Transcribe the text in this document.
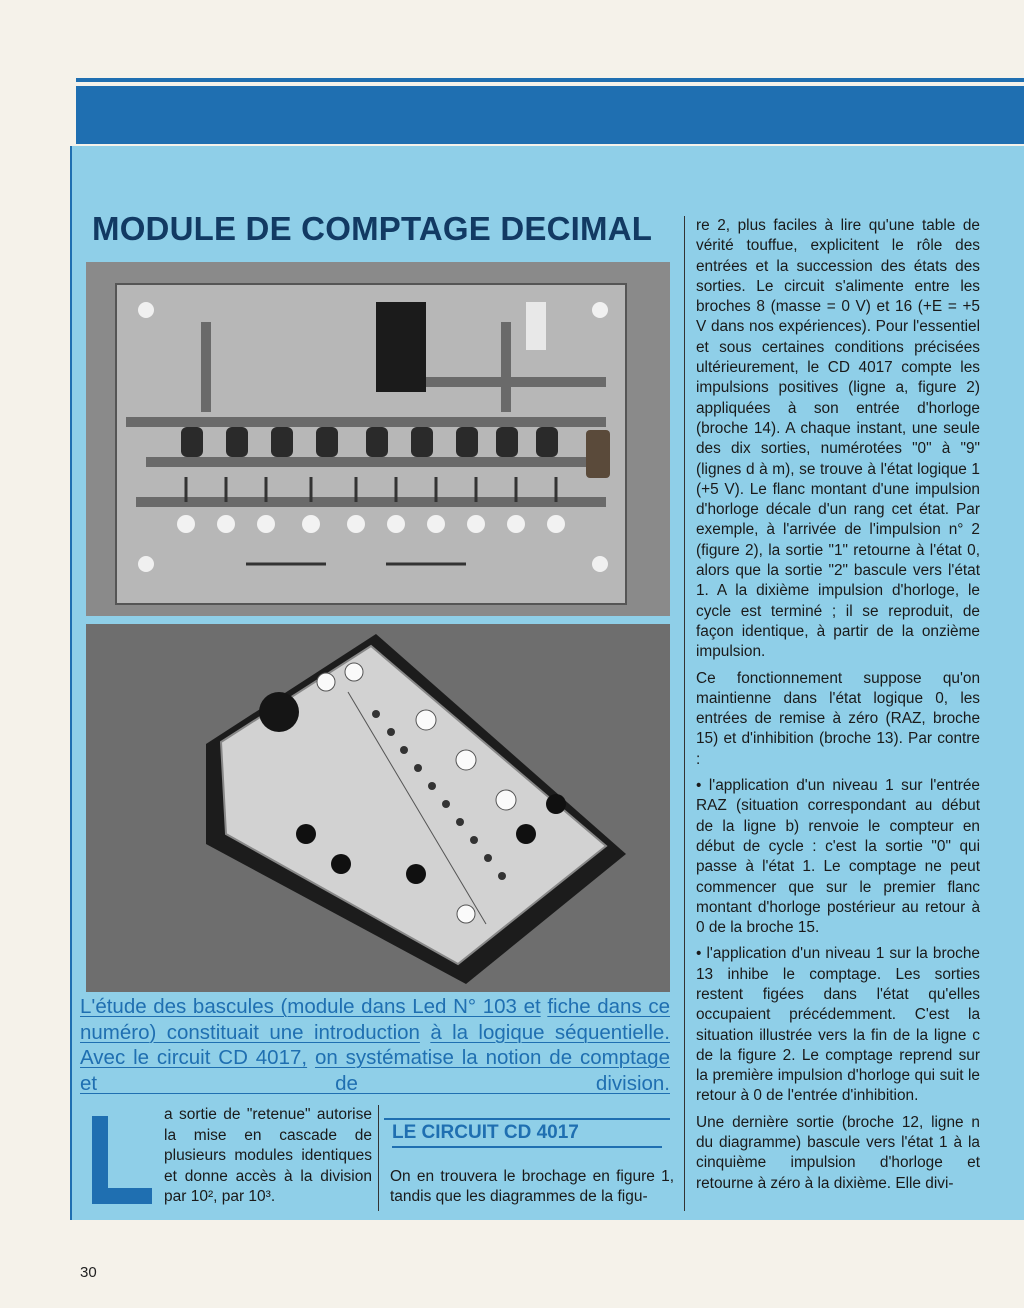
MODULE DE COMPTAGE DECIMAL
L'étude des bascules (module dans Led N° 103 et fiche dans ce numéro) constituait une introduction à la logique séquentielle. Avec le circuit CD 4017, on systématise la notion de comptage et de division.
a sortie de "retenue" autorise la mise en cascade de plusieurs modules identiques et donne accès à la division par 10², par 10³.
LE CIRCUIT CD 4017
On en trouvera le brochage en figure 1, tandis que les diagrammes de la figu-

re 2, plus faciles à lire qu'une table de vérité touffue, explicitent le rôle des entrées et la succession des états des sorties. Le circuit s'alimente entre les broches 8 (masse = 0 V) et 16 (+E = +5 V dans nos expériences). Pour l'essentiel et sous certaines conditions précisées ultérieurement, le CD 4017 compte les impulsions positives (ligne a, figure 2) appliquées à son entrée d'horloge (broche 14). A chaque instant, une seule des dix sorties, numérotées "0" à "9" (lignes d à m), se trouve à l'état logique 1 (+5 V). Le flanc montant d'une impulsion d'horloge décale d'un rang cet état. Par exemple, à l'arrivée de l'impulsion n° 2 (figure 2), la sortie "1" retourne à l'état 0, alors que la sortie "2" bascule vers l'état 1. A la dixième impulsion d'horloge, le cycle est terminé ; il se reproduit, de façon identique, à partir de la onzième impulsion.

Ce fonctionnement suppose qu'on maintienne dans l'état logique 0, les entrées de remise à zéro (RAZ, broche 15) et d'inhibition (broche 13). Par contre :

• l'application d'un niveau 1 sur l'entrée RAZ (situation correspondant au début de la ligne b) renvoie le compteur en début de cycle : c'est la sortie "0" qui passe à l'état 1. Le comptage ne peut commencer que sur le premier flanc montant d'horloge postérieur au retour à 0 de la broche 15.

• l'application d'un niveau 1 sur la broche 13 inhibe le comptage. Les sorties restent figées dans l'état qu'elles occupaient précédemment. C'est la situation illustrée vers la fin de la ligne c de la figure 2. Le comptage reprend sur la première impulsion d'horloge qui suit le retour à 0 de l'entrée d'inhibition.

Une dernière sortie (broche 12, ligne n du diagramme) bascule vers l'état 1 à la cinquième impulsion d'horloge et retourne à zéro à la dixième. Elle divi-

30
